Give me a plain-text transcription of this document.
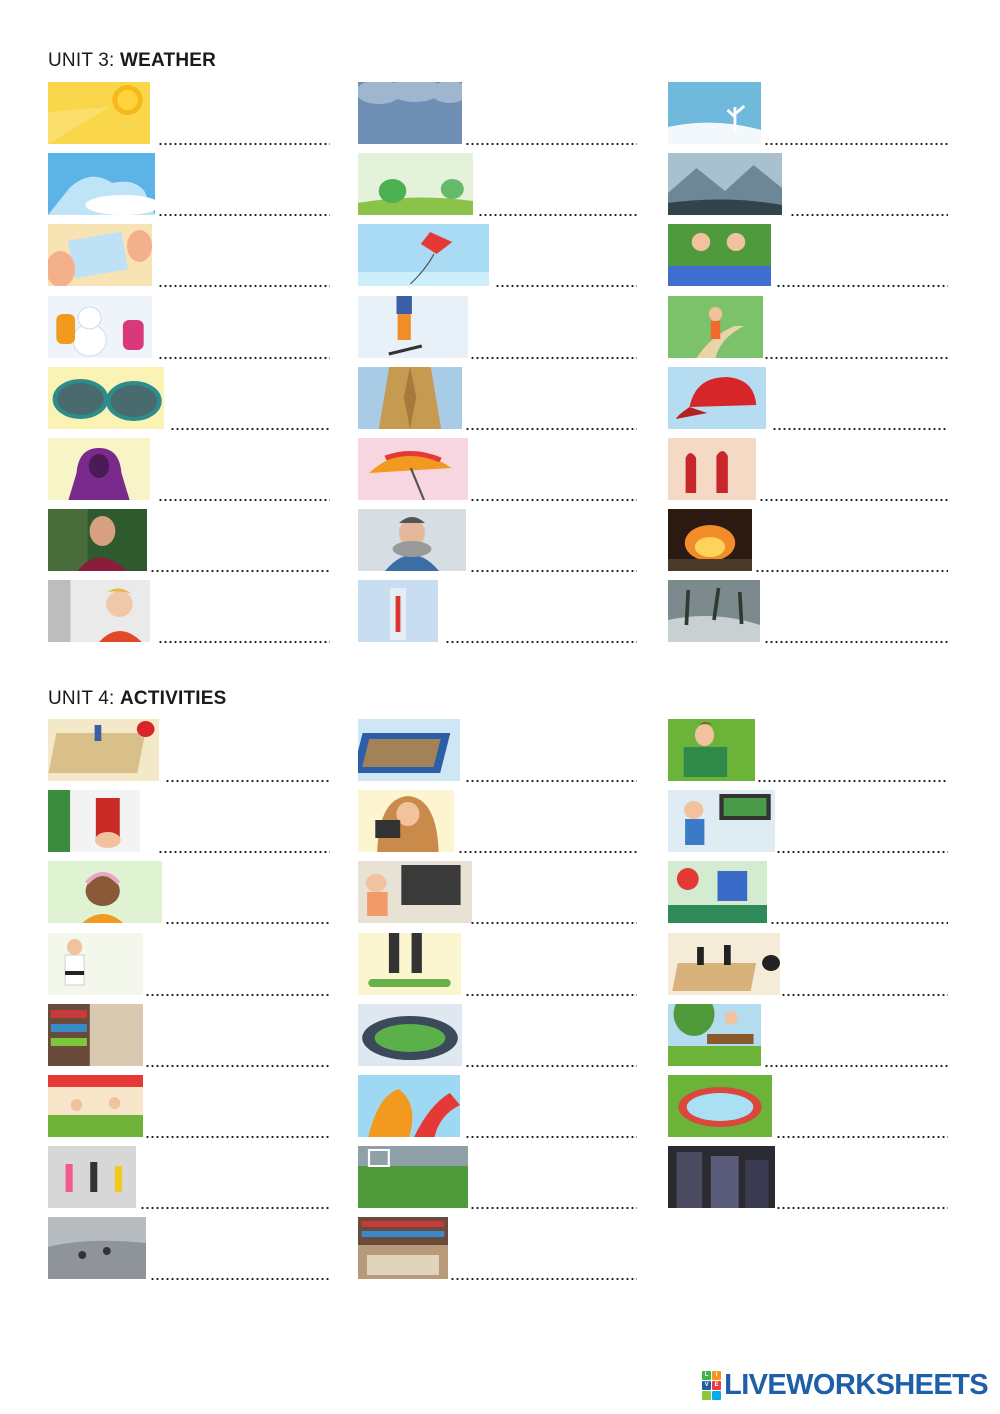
UNIT 3: WEATHER
UNIT 4: ACTIVITIES
L	I
V E LIVEWORKSHEETS
